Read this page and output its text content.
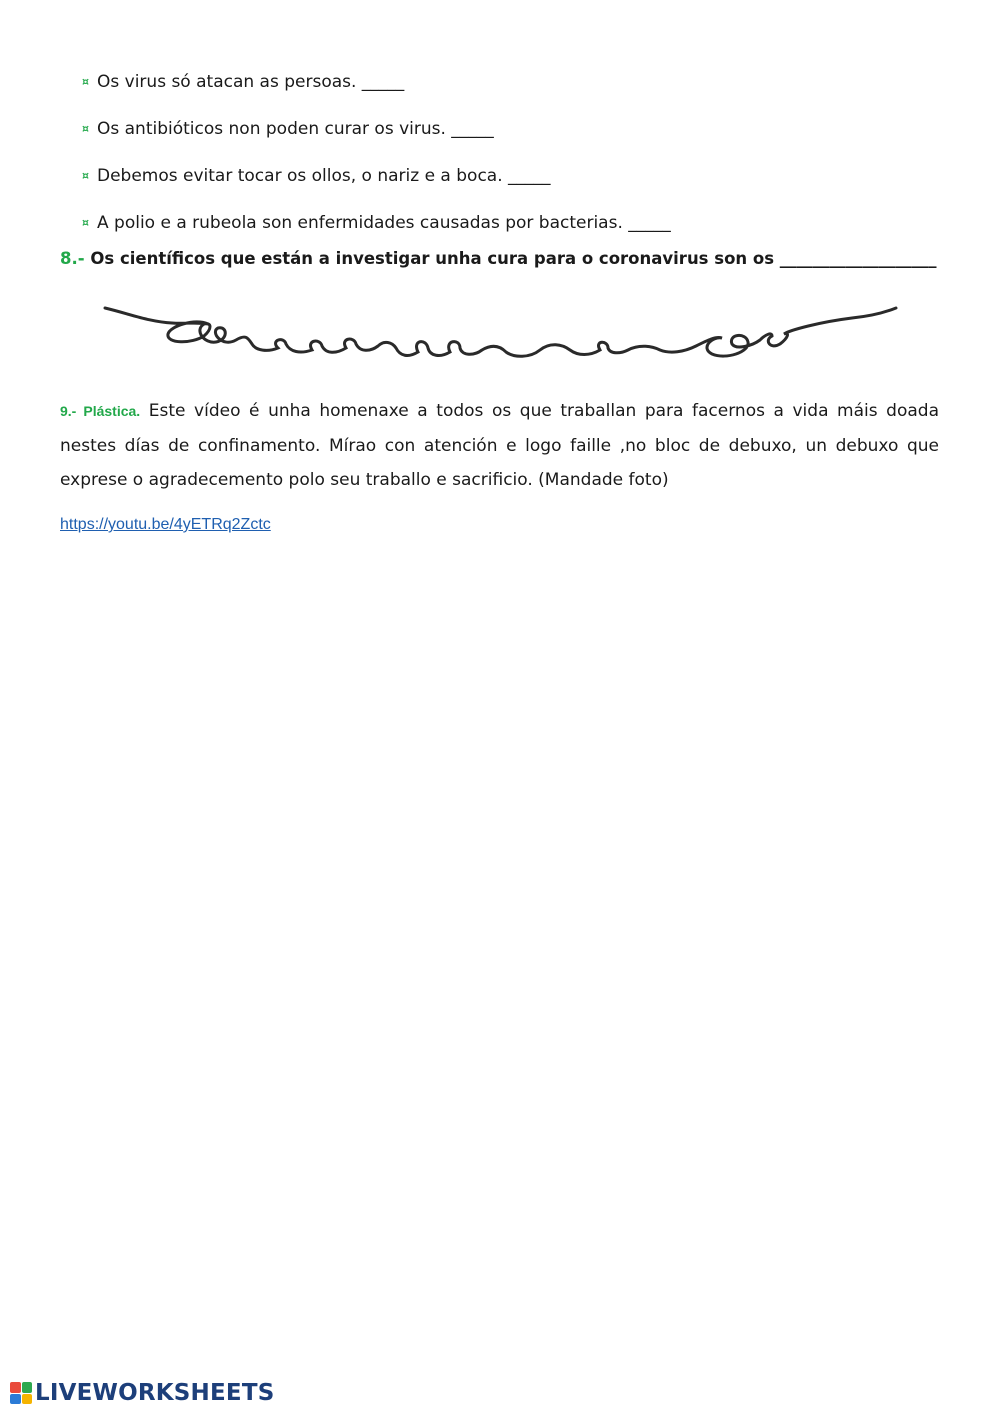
¤ Os virus só atacan as persoas. _____
¤ Os antibióticos non poden curar os virus. _____
¤ Debemos evitar tocar os ollos, o nariz e a boca. _____
¤ A polio e a rubeola son enfermidades causadas por bacterias. _____
8.- Os científicos que están a investigar unha cura para o coronavirus son os ___________________
9.- Plástica. Este vídeo é unha homenaxe a todos os que traballan para facernos a vida máis doada nestes días de confinamento. Mírao con atención e logo faille ,no bloc de debuxo, un debuxo que exprese o agradecemento polo seu traballo e sacrificio. (Mandade foto)
https://youtu.be/4yETRq2Zctc
LIVEWORKSHEETS
